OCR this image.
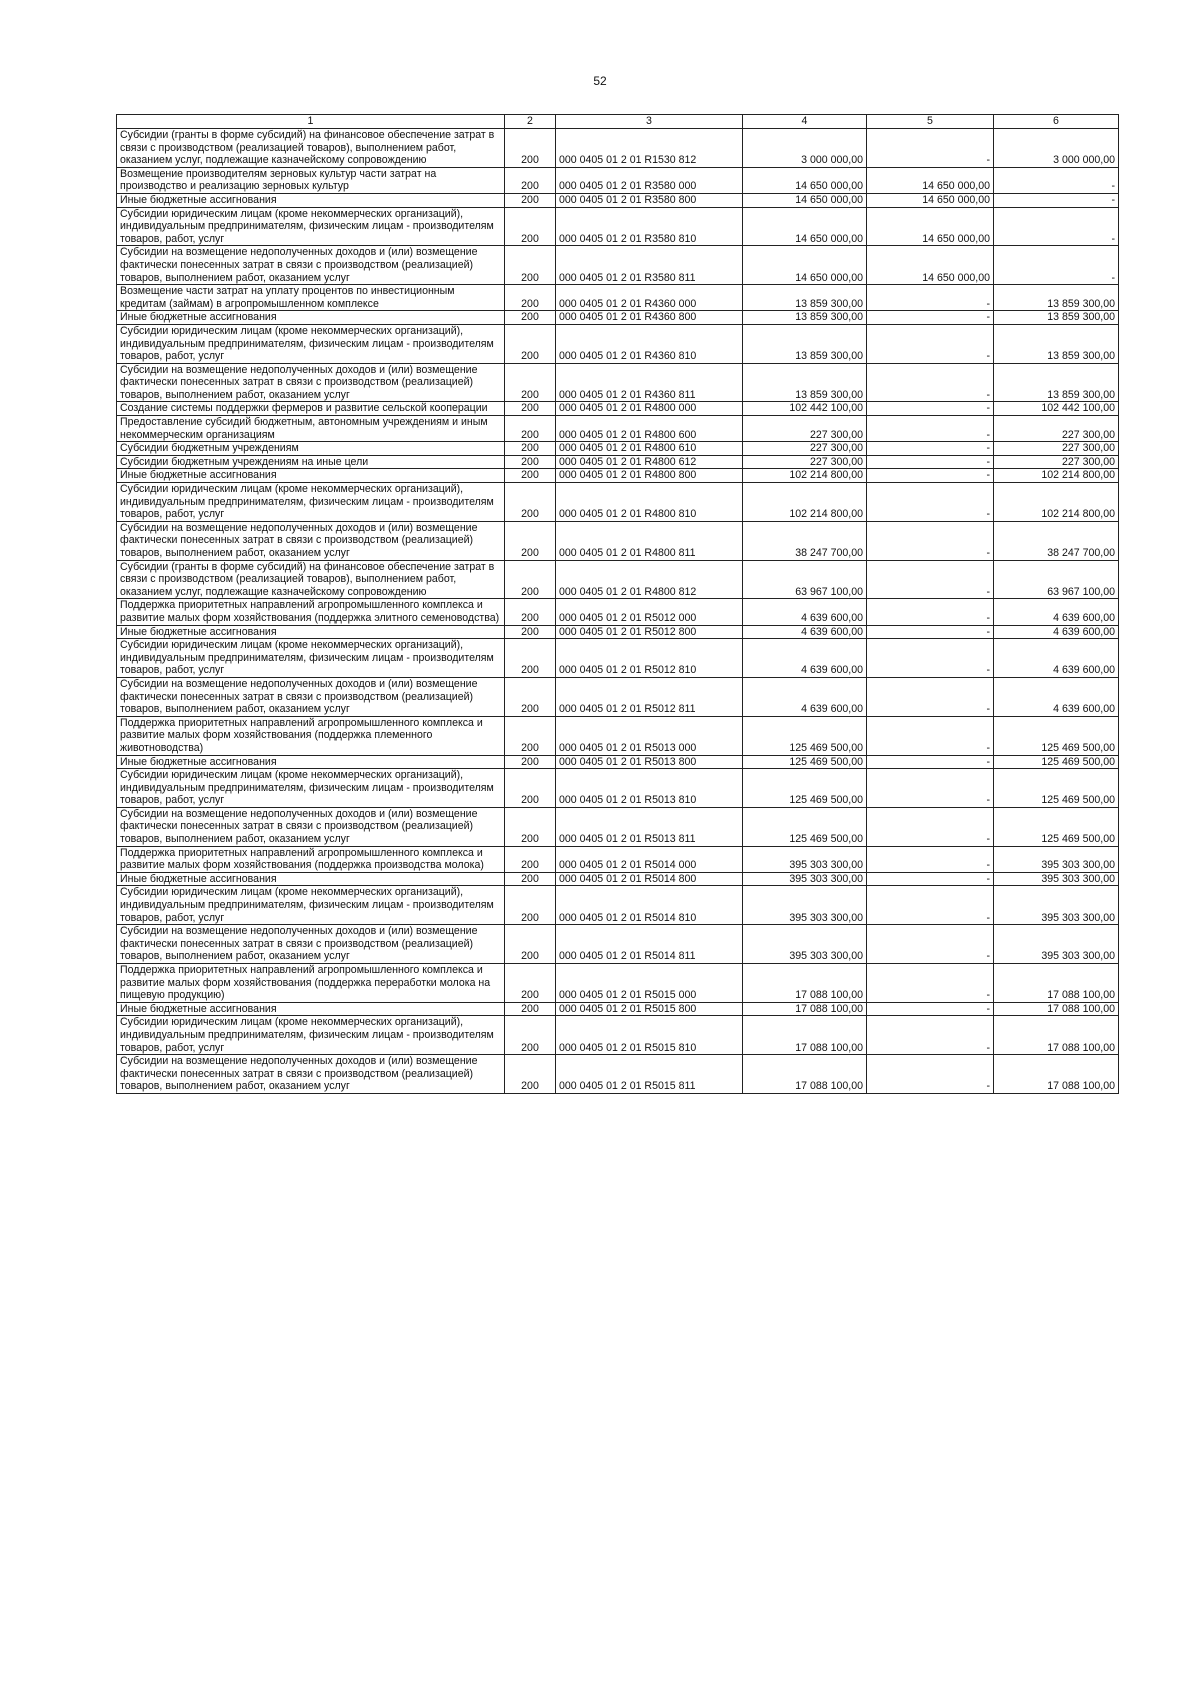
52
1	2	3	4	5	6
Субсидии (гранты в форме субсидий) на финансовое обеспечение затрат в связи с производством (реализацией товаров), выполнением работ, оказанием услуг, подлежащие казначейскому сопровождению	200	000 0405 01 2 01 R1530 812	3 000 000,00	-	3 000 000,00
Возмещение производителям зерновых культур части затрат на производство и реализацию зерновых культур	200	000 0405 01 2 01 R3580 000	14 650 000,00	14 650 000,00	-
Иные бюджетные ассигнования	200	000 0405 01 2 01 R3580 800	14 650 000,00	14 650 000,00	-
Субсидии юридическим лицам (кроме некоммерческих организаций), индивидуальным предпринимателям, физическим лицам - производителям товаров, работ, услуг	200	000 0405 01 2 01 R3580 810	14 650 000,00	14 650 000,00	-
Субсидии на возмещение недополученных доходов и (или) возмещение фактически понесенных затрат в связи с производством (реализацией) товаров, выполнением работ, оказанием услуг	200	000 0405 01 2 01 R3580 811	14 650 000,00	14 650 000,00	-
Возмещение части затрат на уплату процентов по инвестиционным кредитам (займам) в агропромышленном комплексе	200	000 0405 01 2 01 R4360 000	13 859 300,00	-	13 859 300,00
Иные бюджетные ассигнования	200	000 0405 01 2 01 R4360 800	13 859 300,00	-	13 859 300,00
Субсидии юридическим лицам (кроме некоммерческих организаций), индивидуальным предпринимателям, физическим лицам - производителям товаров, работ, услуг	200	000 0405 01 2 01 R4360 810	13 859 300,00	-	13 859 300,00
Субсидии на возмещение недополученных доходов и (или) возмещение фактически понесенных затрат в связи с производством (реализацией) товаров, выполнением работ, оказанием услуг	200	000 0405 01 2 01 R4360 811	13 859 300,00	-	13 859 300,00
Создание системы поддержки фермеров и развитие сельской кооперации	200	000 0405 01 2 01 R4800 000	102 442 100,00	-	102 442 100,00
Предоставление субсидий бюджетным, автономным учреждениям и иным некоммерческим организациям	200	000 0405 01 2 01 R4800 600	227 300,00	-	227 300,00
Субсидии бюджетным учреждениям	200	000 0405 01 2 01 R4800 610	227 300,00	-	227 300,00
Субсидии бюджетным учреждениям на иные цели	200	000 0405 01 2 01 R4800 612	227 300,00	-	227 300,00
Иные бюджетные ассигнования	200	000 0405 01 2 01 R4800 800	102 214 800,00	-	102 214 800,00
Субсидии юридическим лицам (кроме некоммерческих организаций), индивидуальным предпринимателям, физическим лицам - производителям товаров, работ, услуг	200	000 0405 01 2 01 R4800 810	102 214 800,00	-	102 214 800,00
Субсидии на возмещение недополученных доходов и (или) возмещение фактически понесенных затрат в связи с производством (реализацией) товаров, выполнением работ, оказанием услуг	200	000 0405 01 2 01 R4800 811	38 247 700,00	-	38 247 700,00
Субсидии (гранты в форме субсидий) на финансовое обеспечение затрат в связи с производством (реализацией товаров), выполнением работ, оказанием услуг, подлежащие казначейскому сопровождению	200	000 0405 01 2 01 R4800 812	63 967 100,00	-	63 967 100,00
Поддержка приоритетных направлений агропромышленного комплекса и развитие малых форм хозяйствования (поддержка элитного семеноводства)	200	000 0405 01 2 01 R5012 000	4 639 600,00	-	4 639 600,00
Иные бюджетные ассигнования	200	000 0405 01 2 01 R5012 800	4 639 600,00	-	4 639 600,00
Субсидии юридическим лицам (кроме некоммерческих организаций), индивидуальным предпринимателям, физическим лицам - производителям товаров, работ, услуг	200	000 0405 01 2 01 R5012 810	4 639 600,00	-	4 639 600,00
Субсидии на возмещение недополученных доходов и (или) возмещение фактически понесенных затрат в связи с производством (реализацией) товаров, выполнением работ, оказанием услуг	200	000 0405 01 2 01 R5012 811	4 639 600,00	-	4 639 600,00
Поддержка приоритетных направлений агропромышленного комплекса и развитие малых форм хозяйствования (поддержка племенного животноводства)	200	000 0405 01 2 01 R5013 000	125 469 500,00	-	125 469 500,00
Иные бюджетные ассигнования	200	000 0405 01 2 01 R5013 800	125 469 500,00	-	125 469 500,00
Субсидии юридическим лицам (кроме некоммерческих организаций), индивидуальным предпринимателям, физическим лицам - производителям товаров, работ, услуг	200	000 0405 01 2 01 R5013 810	125 469 500,00	-	125 469 500,00
Субсидии на возмещение недополученных доходов и (или) возмещение фактически понесенных затрат в связи с производством (реализацией) товаров, выполнением работ, оказанием услуг	200	000 0405 01 2 01 R5013 811	125 469 500,00	-	125 469 500,00
Поддержка приоритетных направлений агропромышленного комплекса и развитие малых форм хозяйствования (поддержка производства молока)	200	000 0405 01 2 01 R5014 000	395 303 300,00	-	395 303 300,00
Иные бюджетные ассигнования	200	000 0405 01 2 01 R5014 800	395 303 300,00	-	395 303 300,00
Субсидии юридическим лицам (кроме некоммерческих организаций), индивидуальным предпринимателям, физическим лицам - производителям товаров, работ, услуг	200	000 0405 01 2 01 R5014 810	395 303 300,00	-	395 303 300,00
Субсидии на возмещение недополученных доходов и (или) возмещение фактически понесенных затрат в связи с производством (реализацией) товаров, выполнением работ, оказанием услуг	200	000 0405 01 2 01 R5014 811	395 303 300,00	-	395 303 300,00
Поддержка приоритетных направлений агропромышленного комплекса и развитие малых форм хозяйствования (поддержка переработки молока на пищевую продукцию)	200	000 0405 01 2 01 R5015 000	17 088 100,00	-	17 088 100,00
Иные бюджетные ассигнования	200	000 0405 01 2 01 R5015 800	17 088 100,00	-	17 088 100,00
Субсидии юридическим лицам (кроме некоммерческих организаций), индивидуальным предпринимателям, физическим лицам - производителям товаров, работ, услуг	200	000 0405 01 2 01 R5015 810	17 088 100,00	-	17 088 100,00
Субсидии на возмещение недополученных доходов и (или) возмещение фактически понесенных затрат в связи с производством (реализацией) товаров, выполнением работ, оказанием услуг	200	000 0405 01 2 01 R5015 811	17 088 100,00	-	17 088 100,00
